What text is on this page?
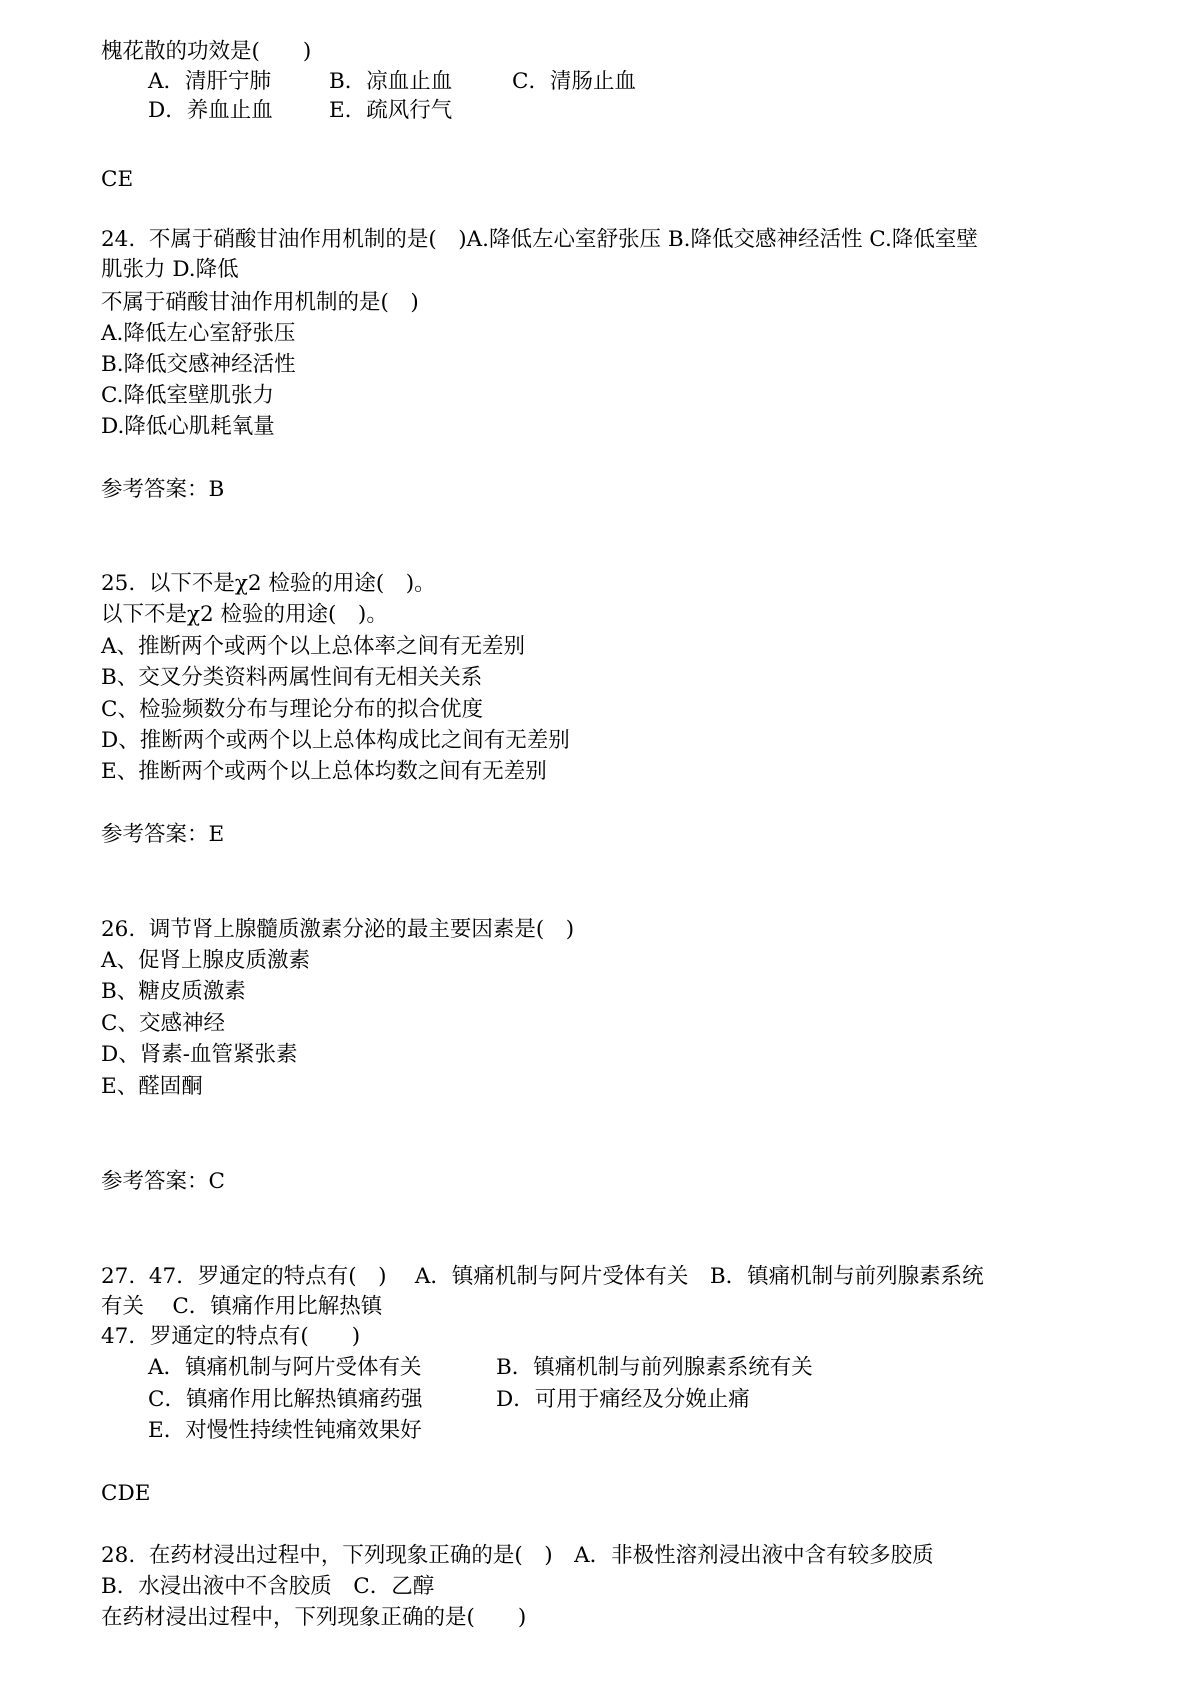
槐花散的功效是(　　)
A．清肝宁肺	B．凉血止血	C．清肠止血
D．养血止血	E．疏风行气
CE
24.  不属于硝酸甘油作用机制的是(　)A.降低左心室舒张压 B.降低交感神经活性 C.降低室壁
肌张力 D.降低
不属于硝酸甘油作用机制的是(　)
A.降低左心室舒张压
B.降低交感神经活性
C.降低室壁肌张力
D.降低心肌耗氧量
参考答案：B
25.  以下不是χ2 检验的用途(　)。
以下不是χ2 检验的用途(　)。
A、推断两个或两个以上总体率之间有无差别
B、交叉分类资料两属性间有无相关关系
C、检验频数分布与理论分布的拟合优度
D、推断两个或两个以上总体构成比之间有无差别
E、推断两个或两个以上总体均数之间有无差别
参考答案：E
26.  调节肾上腺髓质激素分泌的最主要因素是(　)
A、促肾上腺皮质激素
B、糖皮质激素
C、交感神经
D、肾素-血管紧张素
E、醛固酮
参考答案：C
27.  47．罗通定的特点有(　)　 A．镇痛机制与阿片受体有关　B．镇痛机制与前列腺素系统
有关　 C．镇痛作用比解热镇
47．罗通定的特点有(　　)
A．镇痛机制与阿片受体有关	B．镇痛机制与前列腺素系统有关
C．镇痛作用比解热镇痛药强	D．可用于痛经及分娩止痛
E．对慢性持续性钝痛效果好
CDE
28.  在药材浸出过程中，下列现象正确的是(　)　A．非极性溶剂浸出液中含有较多胶质
B．水浸出液中不含胶质　C．乙醇
在药材浸出过程中，下列现象正确的是(　　)
